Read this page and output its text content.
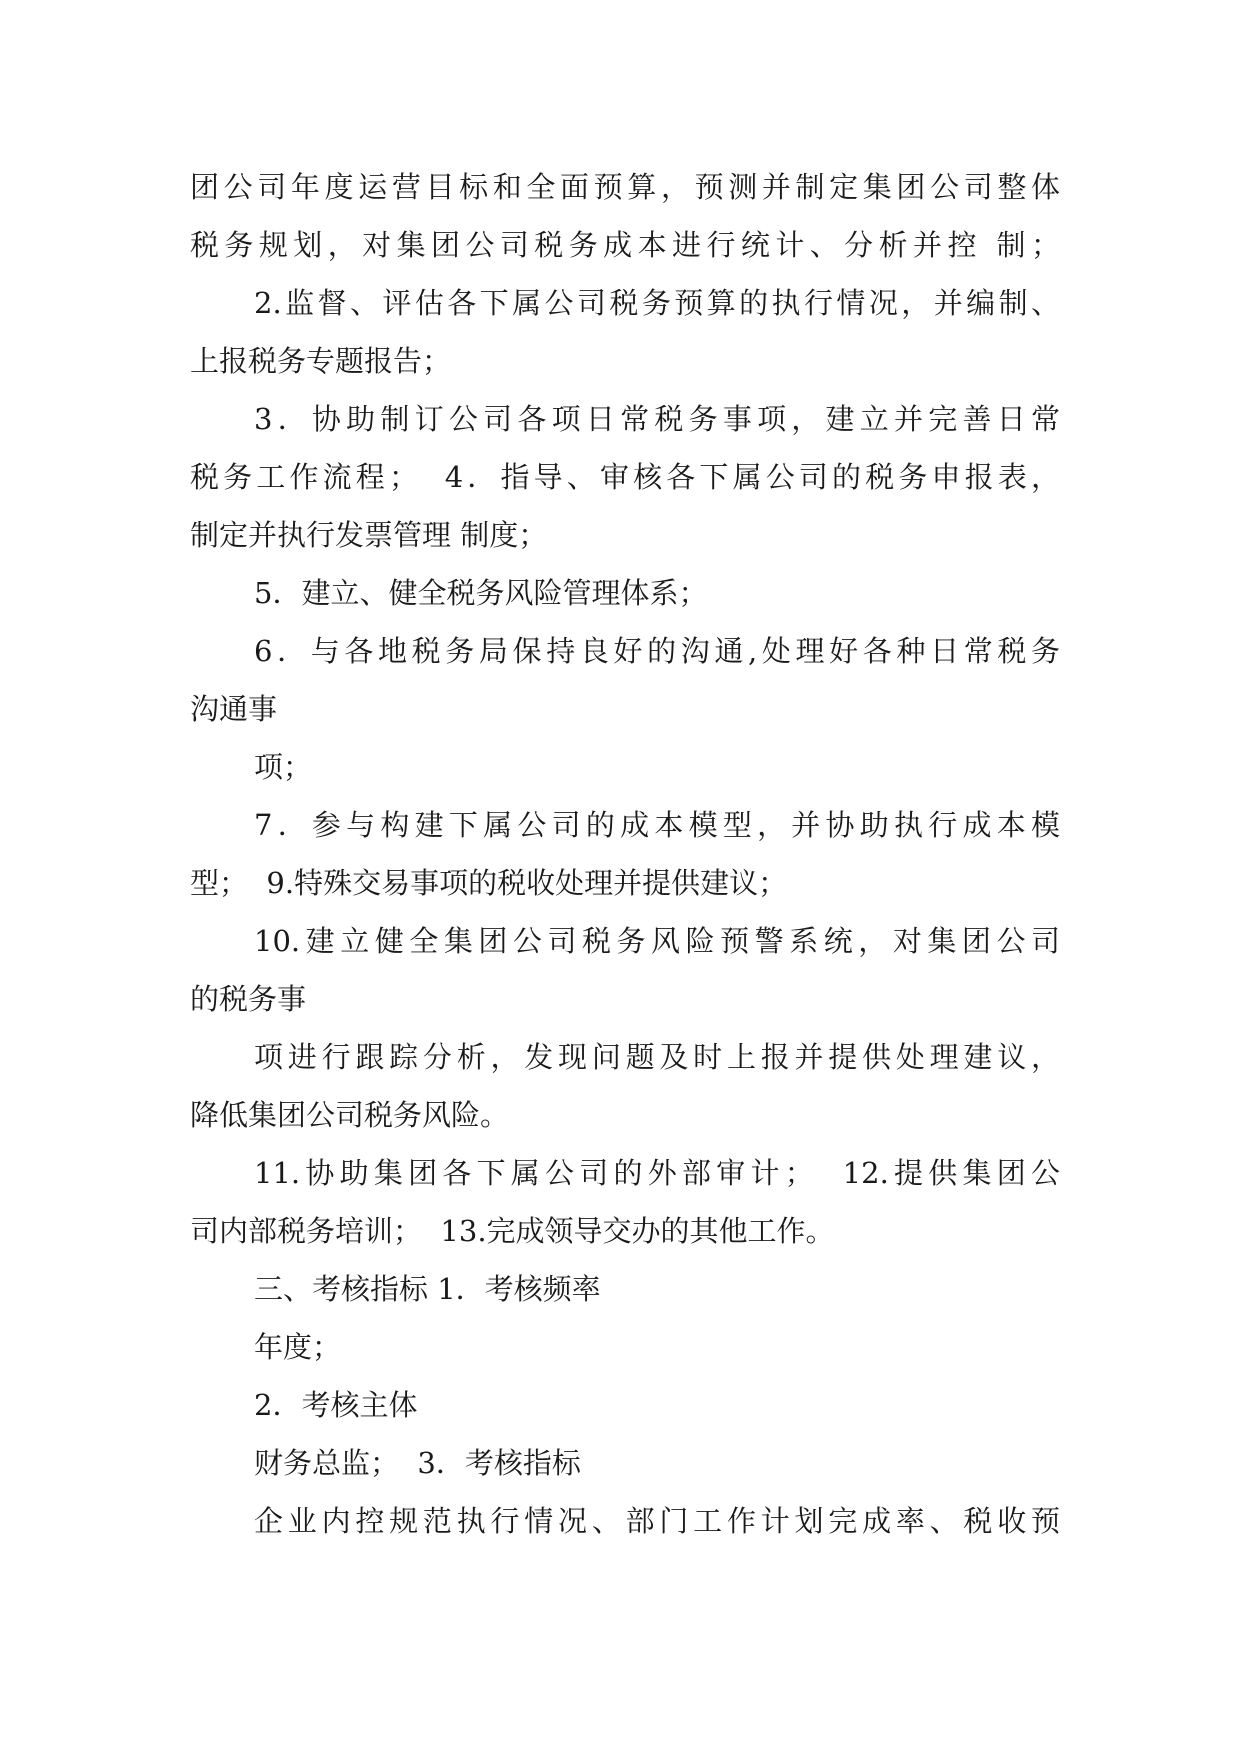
团公司年度运营目标和全面预算，预测并制定集团公司整体
税务规划，对集团公司税务成本进行统计、分析并控 制；
2.监督、评估各下属公司税务预算的执行情况，并编制、
上报税务专题报告；
3．协助制订公司各项日常税务事项，建立并完善日常
税务工作流程；  4．指导、审核各下属公司的税务申报表，
制定并执行发票管理 制度；
5．建立、健全税务风险管理体系；
6．与各地税务局保持良好的沟通,处理好各种日常税务
沟通事
项；
7．参与构建下属公司的成本模型，并协助执行成本模
型；  9.特殊交易事项的税收处理并提供建议；
10.建立健全集团公司税务风险预警系统，对集团公司
的税务事
项进行跟踪分析，发现问题及时上报并提供处理建议，
降低集团公司税务风险。
11.协助集团各下属公司的外部审计；  12.提供集团公
司内部税务培训；  13.完成领导交办的其他工作。
三、考核指标 1．考核频率
年度；
2．考核主体
财务总监；  3．考核指标
企业内控规范执行情况、部门工作计划完成率、税收预
